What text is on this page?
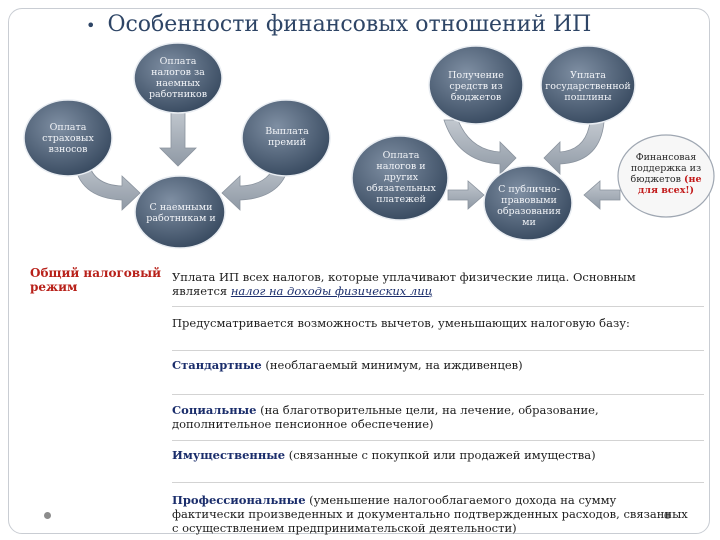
• Особенности финансовых отношений ИП
Оплата налогов за наемных работников
Оплата страховых взносов
Выплата премий
С наемными работникам и
Получение средств из бюджетов
Уплата государственной пошлины
Оплата налогов и других обязательных платежей
С публично-правовыми образования ми
Финансовая поддержка из бюджетов (не для всех!)
Общий налоговый режим
Уплата ИП всех налогов, которые уплачивают физические лица. Основным является налог на доходы физических лиц
Предусматривается возможность вычетов, уменьшающих налоговую базу:
Стандартные (необлагаемый минимум, на иждивенцев)
Социальные (на благотворительные цели, на лечение, образование, дополнительное пенсионное обеспечение)
Имущественные (связанные с покупкой или продажей имущества)
Профессиональные (уменьшение налогооблагаемого дохода на сумму фактически произведенных и документально подтвержденных расходов, связанных с осуществлением предпринимательской деятельности)
